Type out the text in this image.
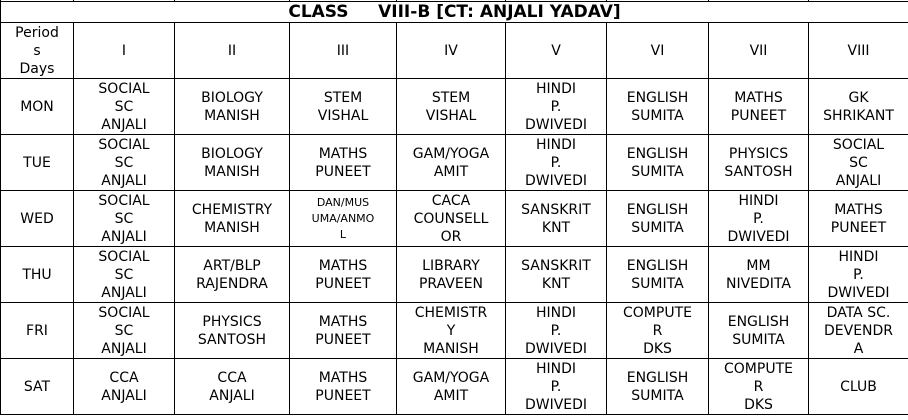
CLASS     VIII-B [CT: ANJALI YADAV]								

Period
s
Days	I	II	III	IV	V	VI	VII	VIII
MON	SOCIAL
SC
ANJALI	BIOLOGY
MANISH	STEM
VISHAL	STEM
VISHAL	HINDI
P.
DWIVEDI	ENGLISH
SUMITA	MATHS
PUNEET	GK
SHRIKANT

TUE	SOCIAL
SC
ANJALI	BIOLOGY
MANISH	MATHS
PUNEET	GAM/YOGA
AMIT	HINDI
P.
DWIVEDI	ENGLISH
SUMITA	PHYSICS
SANTOSH	SOCIAL
SC
ANJALI

WED	SOCIAL
SC
ANJALI	CHEMISTRY
MANISH	DAN/MUS
UMA/ANMO
L	CACA
COUNSELL
OR	SANSKRIT
KNT	ENGLISH
SUMITA	HINDI
P.
DWIVEDI	MATHS
PUNEET

THU	SOCIAL
SC
ANJALI	ART/BLP
RAJENDRA	MATHS
PUNEET	LIBRARY
PRAVEEN	SANSKRIT
KNT	ENGLISH
SUMITA	MM
NIVEDITA	HINDI
P.
DWIVEDI

FRI	SOCIAL
SC
ANJALI	PHYSICS
SANTOSH	MATHS
PUNEET	CHEMISTR
Y
MANISH	HINDI
P.
DWIVEDI	COMPUTE
R
DKS	ENGLISH
SUMITA	DATA SC.
DEVENDR
A

SAT	CCA
ANJALI	CCA
ANJALI	MATHS
PUNEET	GAM/YOGA
AMIT	HINDI
P.
DWIVEDI	ENGLISH
SUMITA	COMPUTE
R
DKS	CLUB
